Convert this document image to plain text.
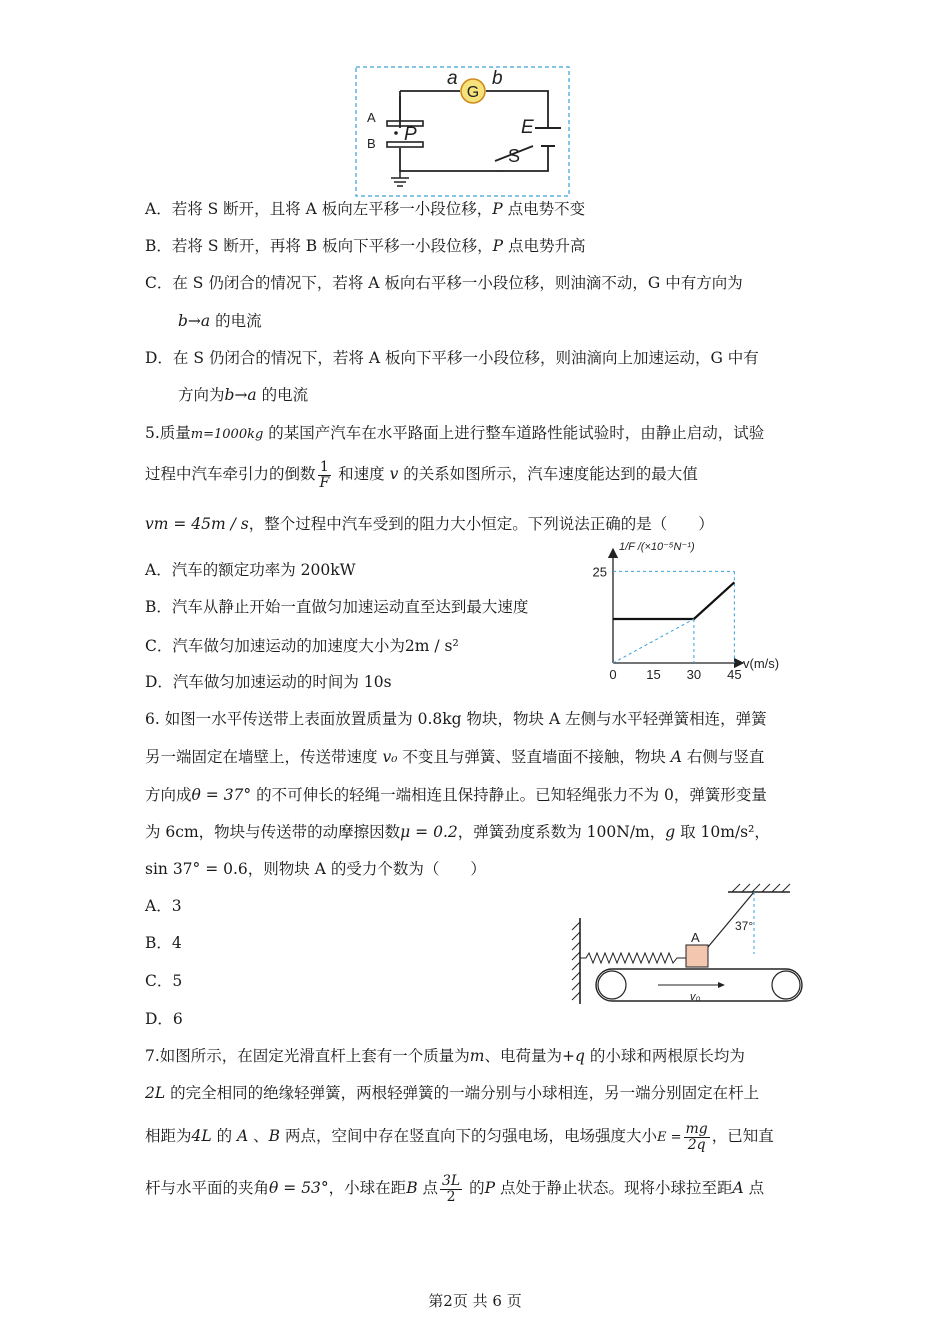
G
a b
A
B P	E
S
A．若将 S 断开，且将 A 板向左平移一小段位移，P 点电势不变
B．若将 S 断开，再将 B 板向下平移一小段位移，P 点电势升高
C．在 S 仍闭合的情况下，若将 A 板向右平移一小段位移，则油滴不动，G 中有方向为
b→a 的电流
D．在 S 仍闭合的情况下，若将 A 板向下平移一小段位移，则油滴向上加速运动，G 中有
方向为b→a 的电流
5.质量m=1000kg 的某国产汽车在水平路面上进行整车道路性能试验时，由静止启动，试验
过程中汽车牵引力的倒数 $\frac{1}{F}$ 和速度 v 的关系如图所示，汽车速度能达到的最大值
vm = 45m / s，整个过程中汽车受到的阻力大小恒定。下列说法正确的是（　　）
A．汽车的额定功率为 200kW
B．汽车从静止开始一直做匀加速运动直至达到最大速度
C．汽车做匀加速运动的加速度大小为2m / s²
D．汽车做匀加速运动的时间为 10s	0 15 30 45
25
1/F /(×10⁻⁵N⁻¹)
v(m/s)
6. 如图一水平传送带上表面放置质量为 0.8kg 物块，物块 A 左侧与水平轻弹簧相连，弹簧
另一端固定在墙壁上，传送带速度 v₀ 不变且与弹簧、竖直墙面不接触，物块 A 右侧与竖直
方向成θ = 37° 的不可伸长的轻绳一端相连且保持静止。已知轻绳张力不为 0，弹簧形变量
为 6cm，物块与传送带的动摩擦因数μ = 0.2，弹簧劲度系数为 100N/m，g 取 10m/s²，
sin 37° = 0.6，则物块 A 的受力个数为（　　）
A．3
B．4
C．5
D．6
A
37°
v₀
7.如图所示，在固定光滑直杆上套有一个质量为m、电荷量为+q 的小球和两根原长均为
2L 的完全相同的绝缘轻弹簧，两根轻弹簧的一端分别与小球相连，另一端分别固定在杆上
相距为4L 的 A 、B 两点，空间中存在竖直向下的匀强电场，电场强度大小$E = \frac{mg}{2q}$ ，已知直
杆与水平面的夹角θ = 53°，小球在距B 点 $\frac{3L}{2}$ 的P 点处于静止状态。现将小球拉至距A 点
第2页 共 6 页
